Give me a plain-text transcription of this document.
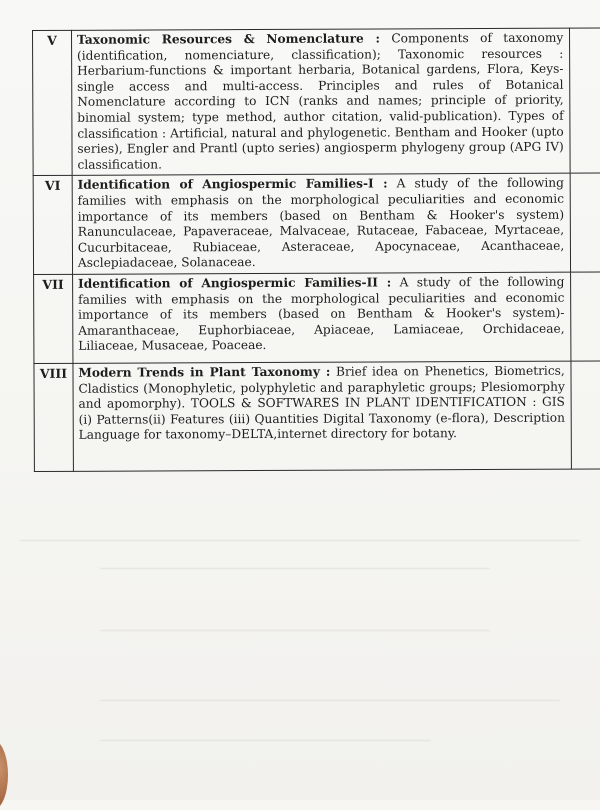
V	Taxonomic Resources & Nomenclature : Components of taxonomy (identification, nomenciature, classification); Taxonomic resources : Herbarium-functions & important herbaria, Botanical gardens, Flora, Keys-single access and multi-access. Principles and rules of Botanical Nomenclature according to ICN (ranks and names; principle of priority, binomial system; type method, author citation, valid-publication). Types of classification : Artificial, natural and phylogenetic. Bentham and Hooker (upto series), Engler and Prantl (upto series) angiosperm phylogeny group (APG IV) classification.	
VI	Identification of Angiospermic Families-I : A study of the following families with emphasis on the morphological peculiarities and economic importance of its members (based on Bentham & Hooker's system) Ranunculaceae, Papaveraceae, Malvaceae, Rutaceae, Fabaceae, Myrtaceae, Cucurbitaceae, Rubiaceae, Asteraceae, Apocynaceae, Acanthaceae, Asclepiadaceae, Solanaceae.	
VII	Identification of Angiospermic Families-II : A study of the following families with emphasis on the morphological peculiarities and economic importance of its members (based on Bentham & Hooker's system)-Amaranthaceae, Euphorbiaceae, Apiaceae, Lamiaceae, Orchidaceae, Liliaceae, Musaceae, Poaceae.	
VIII	Modern Trends in Plant Taxonomy : Brief idea on Phenetics, Biometrics, Cladistics (Monophyletic, polyphyletic and paraphyletic groups; Plesiomorphy and apomorphy). TOOLS & SOFTWARES IN PLANT IDENTIFICATION : GIS (i) Patterns(ii) Features (iii) Quantities Digital Taxonomy (e-flora), Description Language for taxonomy–DELTA,internet directory for botany.	
